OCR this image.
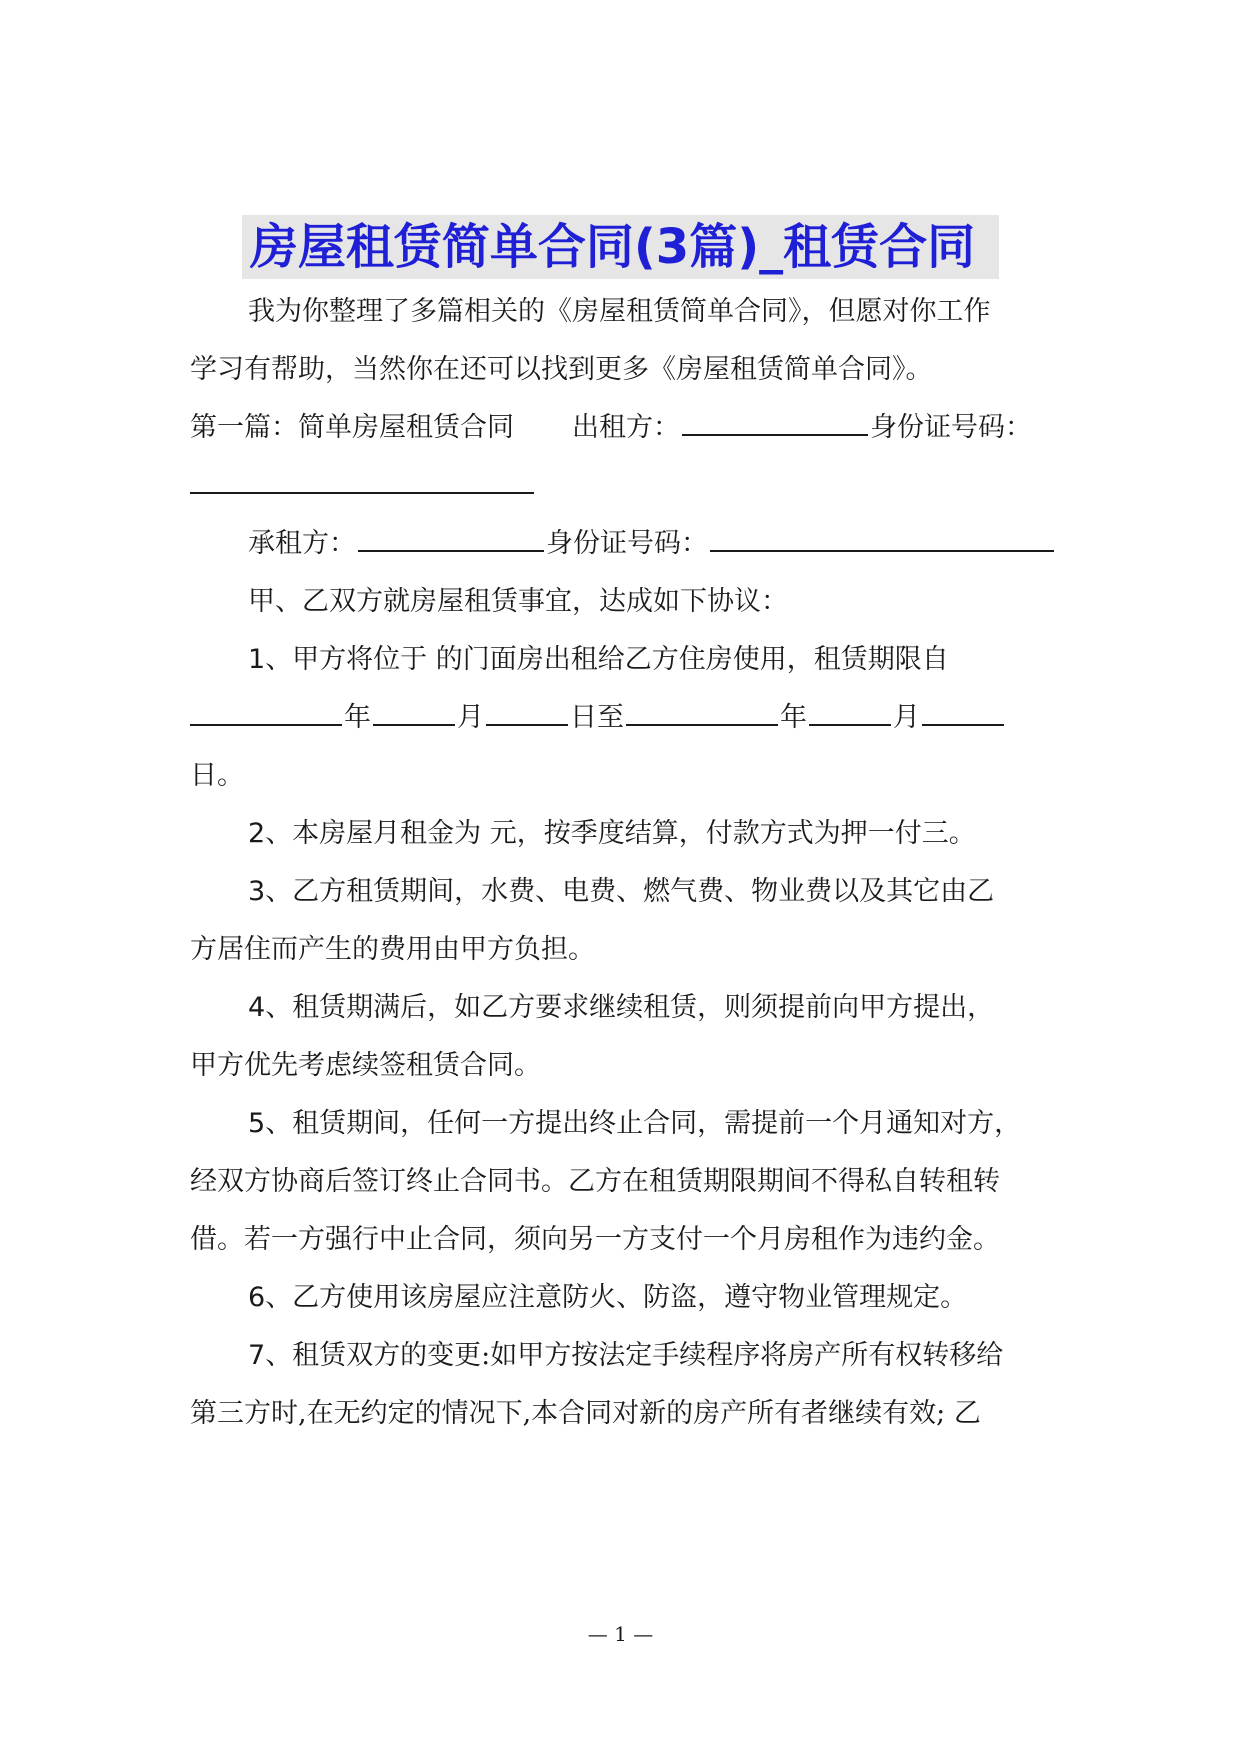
房屋租赁简单合同(3篇)_租赁合同
我为你整理了多篇相关的《房屋租赁简单合同》，但愿对你工作
学习有帮助，当然你在还可以找到更多《房屋租赁简单合同》。
第一篇：简单房屋租赁合同 出租方：	身份证号码：
承租方：	身份证号码：
甲、乙双方就房屋租赁事宜，达成如下协议：
1、甲方将位于 的门面房出租给乙方住房使用，租赁期限自
年	月	日至	年	月
日。
2、本房屋月租金为 元，按季度结算，付款方式为押一付三。
3、乙方租赁期间，水费、电费、燃气费、物业费以及其它由乙
方居住而产生的费用由甲方负担。
4、租赁期满后，如乙方要求继续租赁，则须提前向甲方提出，
甲方优先考虑续签租赁合同。
5、租赁期间，任何一方提出终止合同，需提前一个月通知对方，
经双方协商后签订终止合同书。乙方在租赁期限期间不得私自转租转
借。若一方强行中止合同，须向另一方支付一个月房租作为违约金。
6、乙方使用该房屋应注意防火、防盗，遵守物业管理规定。
7、租赁双方的变更:如甲方按法定手续程序将房产所有权转移给
第三方时,在无约定的情况下,本合同对新的房产所有者继续有效; 乙
— 1 —
